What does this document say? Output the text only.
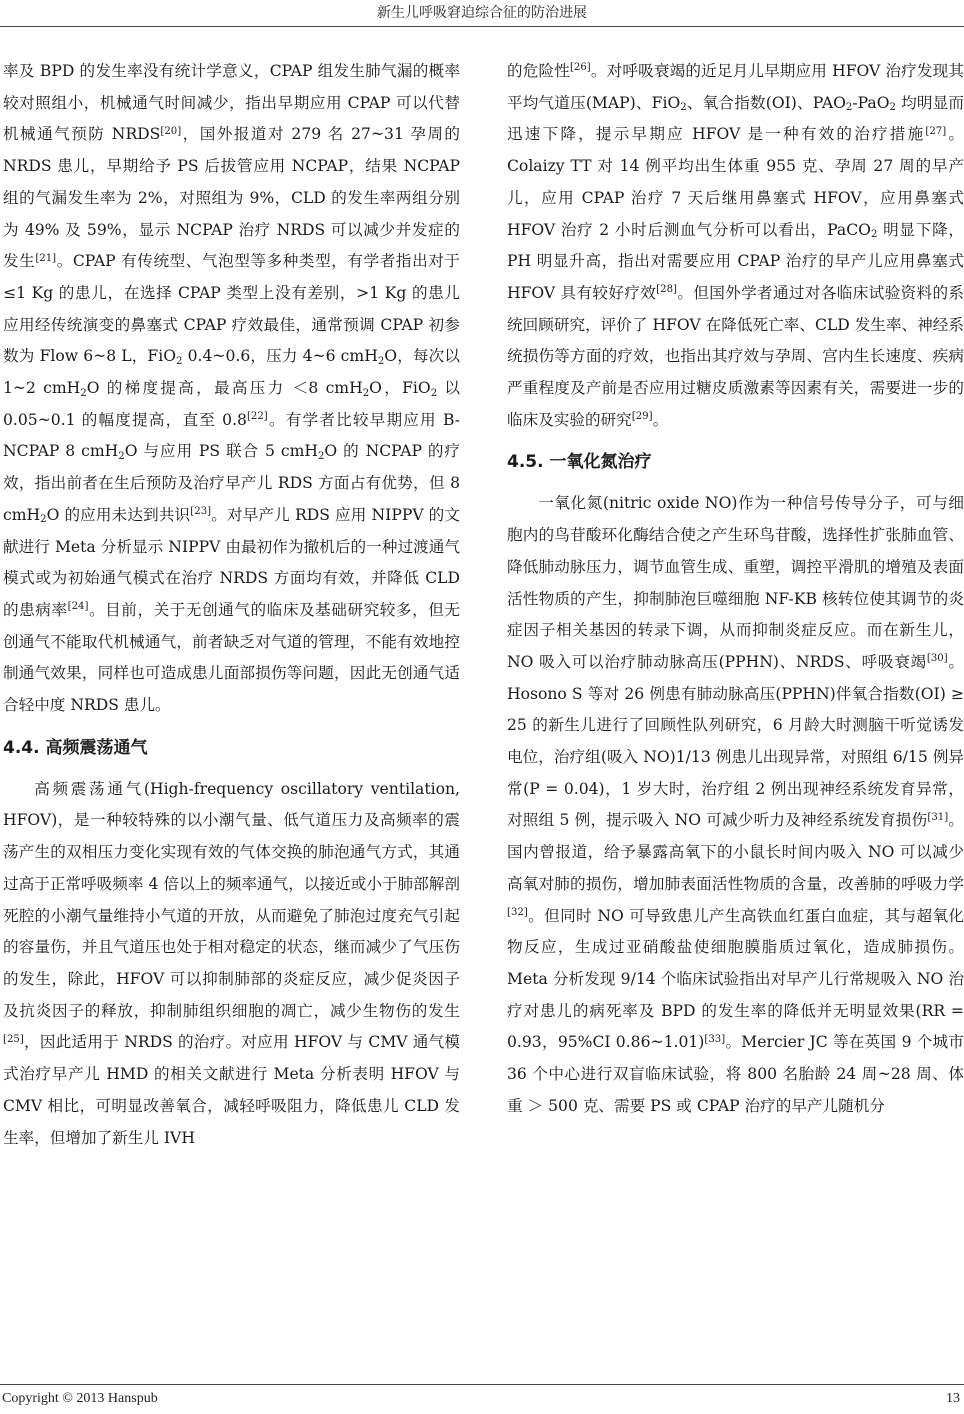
新生儿呼吸窘迫综合征的防治进展

率及 BPD 的发生率没有统计学意义，CPAP 组发生肺气漏的概率较对照组小，机械通气时间减少，指出早期应用 CPAP 可以代替机械通气预防 NRDS[20]，国外报道对 279 名 27~31 孕周的 NRDS 患儿，早期给予 PS 后拔管应用 NCPAP，结果 NCPAP 组的气漏发生率为 2%，对照组为 9%，CLD 的发生率两组分别为 49% 及 59%，显示 NCPAP 治疗 NRDS 可以减少并发症的发生[21]。CPAP 有传统型、气泡型等多种类型，有学者指出对于≤1 Kg 的患儿，在选择 CPAP 类型上没有差别，>1 Kg 的患儿应用经传统演变的鼻塞式 CPAP 疗效最佳，通常预调 CPAP 初参数为 Flow 6~8 L，FiO2 0.4~0.6，压力 4~6 cmH2O，每次以 1~2 cmH2O 的梯度提高，最高压力 ＜8 cmH2O，FiO2 以 0.05~0.1 的幅度提高，直至 0.8[22]。有学者比较早期应用 B-NCPAP 8 cmH2O 与应用 PS 联合 5 cmH2O 的 NCPAP 的疗效，指出前者在生后预防及治疗早产儿 RDS 方面占有优势，但 8 cmH2O 的应用未达到共识[23]。对早产儿 RDS 应用 NIPPV 的文献进行 Meta 分析显示 NIPPV 由最初作为撤机后的一种过渡通气模式或为初始通气模式在治疗 NRDS 方面均有效，并降低 CLD 的患病率[24]。目前，关于无创通气的临床及基础研究较多，但无创通气不能取代机械通气，前者缺乏对气道的管理，不能有效地控制通气效果，同样也可造成患儿面部损伤等问题，因此无创通气适合轻中度 NRDS 患儿。

4.4. 高频震荡通气

高频震荡通气(High-frequency oscillatory ventilation, HFOV)，是一种较特殊的以小潮气量、低气道压力及高频率的震荡产生的双相压力变化实现有效的气体交换的肺泡通气方式，其通过高于正常呼吸频率 4 倍以上的频率通气，以接近或小于肺部解剖死腔的小潮气量维持小气道的开放，从而避免了肺泡过度充气引起的容量伤，并且气道压也处于相对稳定的状态，继而减少了气压伤的发生，除此，HFOV 可以抑制肺部的炎症反应，减少促炎因子及抗炎因子的释放，抑制肺组织细胞的凋亡，减少生物伤的发生[25]，因此适用于 NRDS 的治疗。对应用 HFOV 与 CMV 通气模式治疗早产儿 HMD 的相关文献进行 Meta 分析表明 HFOV 与 CMV 相比，可明显改善氧合，减轻呼吸阻力，降低患儿 CLD 发生率，但增加了新生儿 IVH

的危险性[26]。对呼吸衰竭的近足月儿早期应用 HFOV 治疗发现其平均气道压(MAP)、FiO2、氧合指数(OI)、PAO2-PaO2 均明显而迅速下降，提示早期应 HFOV 是一种有效的治疗措施[27]。Colaizy TT 对 14 例平均出生体重 955 克、孕周 27 周的早产儿，应用 CPAP 治疗 7 天后继用鼻塞式 HFOV，应用鼻塞式 HFOV 治疗 2 小时后测血气分析可以看出，PaCO2 明显下降，PH 明显升高，指出对需要应用 CPAP 治疗的早产儿应用鼻塞式 HFOV 具有较好疗效[28]。但国外学者通过对各临床试验资料的系统回顾研究，评价了 HFOV 在降低死亡率、CLD 发生率、神经系统损伤等方面的疗效，也指出其疗效与孕周、宫内生长速度、疾病严重程度及产前是否应用过糖皮质激素等因素有关，需要进一步的临床及实验的研究[29]。

4.5. 一氧化氮治疗

一氧化氮(nitric oxide NO)作为一种信号传导分子，可与细胞内的鸟苷酸环化酶结合使之产生环鸟苷酸，选择性扩张肺血管、降低肺动脉压力，调节血管生成、重塑，调控平滑肌的增殖及表面活性物质的产生，抑制肺泡巨噬细胞 NF-KB 核转位使其调节的炎症因子相关基因的转录下调，从而抑制炎症反应。而在新生儿，NO 吸入可以治疗肺动脉高压(PPHN)、NRDS、呼吸衰竭[30]。Hosono S 等对 26 例患有肺动脉高压(PPHN)伴氧合指数(OI) ≥ 25 的新生儿进行了回顾性队列研究，6 月龄大时测脑干听觉诱发电位，治疗组(吸入 NO)1/13 例患儿出现异常，对照组 6/15 例异常(P = 0.04)，1 岁大时，治疗组 2 例出现神经系统发育异常，对照组 5 例，提示吸入 NO 可减少听力及神经系统发育损伤[31]。国内曾报道，给予暴露高氧下的小鼠长时间内吸入 NO 可以减少高氧对肺的损伤，增加肺表面活性物质的含量，改善肺的呼吸力学[32]。但同时 NO 可导致患儿产生高铁血红蛋白血症，其与超氧化物反应，生成过亚硝酸盐使细胞膜脂质过氧化，造成肺损伤。Meta 分析发现 9/14 个临床试验指出对早产儿行常规吸入 NO 治疗对患儿的病死率及 BPD 的发生率的降低并无明显效果(RR = 0.93，95%CI 0.86~1.01)[33]。Mercier JC 等在英国 9 个城市 36 个中心进行双盲临床试验，将 800 名胎龄 24 周~28 周、体重 ＞ 500 克、需要 PS 或 CPAP 治疗的早产儿随机分

Copyright © 2013 Hanspub	13
